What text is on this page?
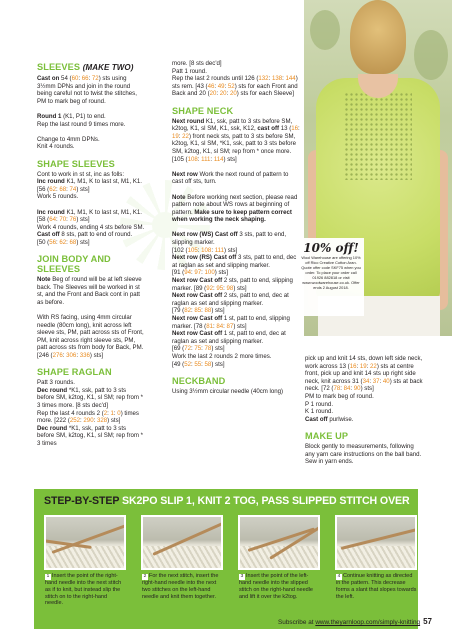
SLEEVES (MAKE TWO)

Cast on 54 (60: 66: 72) sts using 3½mm DPNs and join in the round being careful not to twist the stitches, PM to mark beg of round.

Round 1 (K1, P1) to end.
Rep the last round 9 times more.

Change to 4mm DPNs.
Knit 4 rounds.

SHAPE SLEEVES

Cont to work in st st, inc as folls:
Inc round K1, M1, K to last st, M1, K1.
[56 (62: 68: 74) sts]
Work 5 rounds.

Inc round K1, M1, K to last st, M1, K1.
[58 (64: 70: 76) sts]
Work 4 rounds, ending 4 sts before SM.
Cast off 8 sts, patt to end of round.
[50 (56: 62: 68) sts]

JOIN BODY AND SLEEVES

Note Beg of round will be at left sleeve back. The Sleeves will be worked in st st, and the Front and Back cont in patt as before.

With RS facing, using 4mm circular needle (80cm long), knit across left sleeve sts, PM, patt across sts of Front, PM, knit across right sleeve sts, PM, patt across sts from body for Back, PM.
[246 (276: 306: 336) sts]

SHAPE RAGLAN

Patt 3 rounds.
Dec round *K1, ssk, patt to 3 sts before SM, k2tog, K1, sl SM; rep from * 3 times more. [8 sts dec'd]
Rep the last 4 rounds 2 (2: 1: 0) times more. [222 (252: 290: 328) sts]
Dec round *K1, ssk, patt to 3 sts before SM, k2tog, K1, sl SM; rep from * 3 times

more. [8 sts dec'd]
Patt 1 round.
Rep the last 2 rounds until 126 (132: 138: 144) sts rem. [43 (46: 49: 52) sts for each Front and Back and 20 (20: 20: 20) sts for each Sleeve]

SHAPE NECK

Next round K1, ssk, patt to 3 sts before SM, k2tog, K1, sl SM, K1, ssk, K12, cast off 13 (16: 19: 22) front neck sts, patt to 3 sts before SM, k2tog, K1, sl SM, *K1, ssk, patt to 3 sts before SM, k2tog, K1, sl SM; rep from * once more.
[105 (108: 111: 114) sts]

Next row Work the next round of pattern to cast off sts, turn.

Note Before working next section, please read pattern note about WS rows at beginning of pattern. Make sure to keep pattern correct when working the neck shaping.

Next row (WS) Cast off 3 sts, patt to end, slipping marker.
[102 (105: 108: 111) sts]
Next row (RS) Cast off 3 sts, patt to end, dec at raglan as set and slipping marker.
[91 (94: 97: 100) sts]
Next row Cast off 2 sts, patt to end, slipping marker. [89 (92: 95: 98) sts]
Next row Cast off 2 sts, patt to end, dec at raglan as set and slipping marker.
[79 (82: 85: 88) sts]
Next row Cast off 1 st, patt to end, slipping marker. [78 (81: 84: 87) sts]
Next row Cast off 1 st, patt to end, dec at raglan as set and slipping marker.
[69 (72: 75: 78) sts]
Work the last 2 rounds 2 more times.
[49 (52: 55: 58) sts]

NECKBAND

Using 3½mm circular needle (40cm long)

10% off!
Wool Warehouse are offering 10% off Rico Creative Cotton Aran. Quote offer code SKF75 when you order. To place your order call 01926 882818 or visit www.woolwarehouse.co.uk. Offer ends 2 August 2018.

pick up and knit 14 sts, down left side neck, work across 13 (16: 19: 22) sts at centre front, pick up and knit 14 sts up right side neck, knit across 31 (34: 37: 40) sts at back neck. [72 (78: 84: 90) sts]
PM to mark beg of round.
P 1 round.
K 1 round.
Cast off purlwise.

MAKE UP

Block gently to measurements, following any yarn care instructions on the ball band. Sew in yarn ends.

STEP-BY-STEP SK2PO SLIP 1, KNIT 2 TOG, PASS SLIPPED STITCH OVER
1 Insert the point of the right-hand needle into the next stitch as if to knit, but instead slip the stitch on to the right-hand needle.
2 For the next stitch, insert the right-hand needle into the next two stitches on the left-hand needle and knit them together.
3 Insert the point of the left-hand needle into the slipped stitch on the right-hand needle and lift it over the k2tog.
4 Continue knitting as directed in the pattern. This decrease forms a slant that slopes towards the left.
Subscribe at www.theyarnloop.com/simply-knitting 57
